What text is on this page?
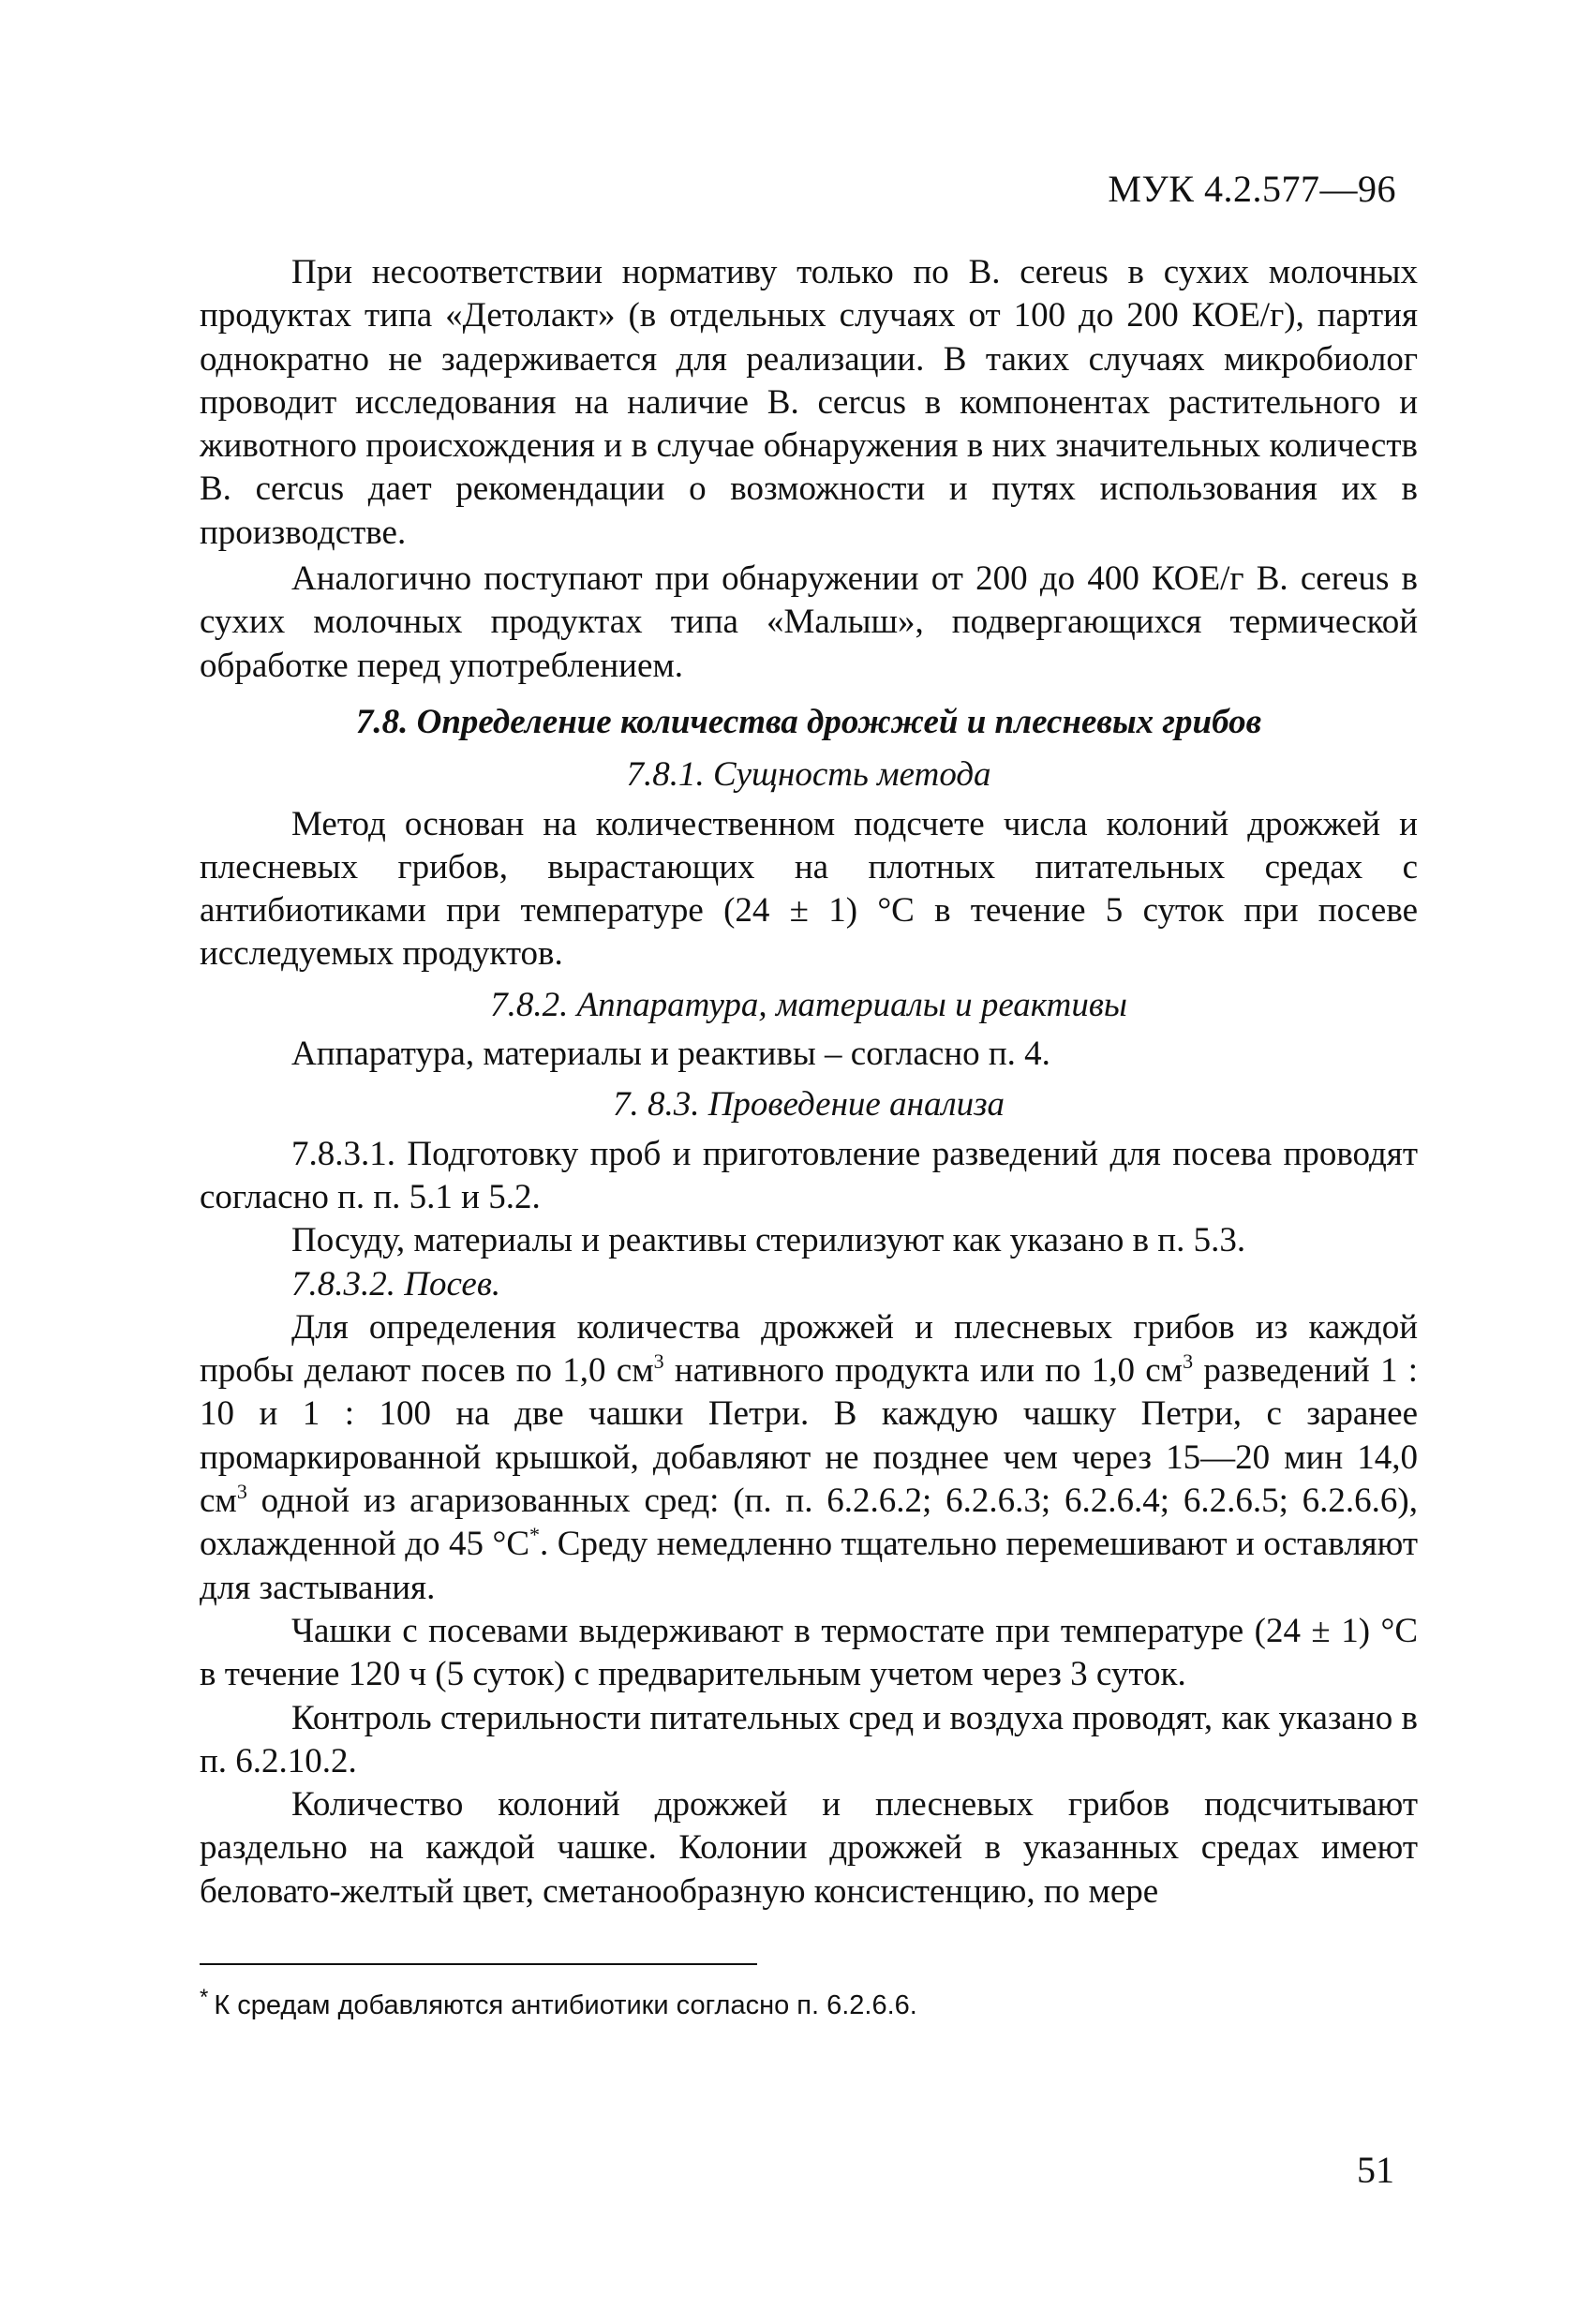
МУК 4.2.577—96

При несоответствии нормативу только по B. cereus в сухих молочных продуктах типа «Детолакт» (в отдельных случаях от 100 до 200 КОЕ/г), партия однократно не задерживается для реализации. В таких случаях микробиолог проводит исследования на наличие B. cercus в компонентах растительного и животного происхождения и в случае обнаружения в них значительных количеств B. cercus дает рекомендации о возможности и путях использования их в производстве.

Аналогично поступают при обнаружении от 200 до 400 КОЕ/г B. cereus в сухих молочных продуктах типа «Малыш», подвергающихся термической обработке перед употреблением.

7.8. Определение количества дрожжей и плесневых грибов
7.8.1. Сущность метода

Метод основан на количественном подсчете числа колоний дрожжей и плесневых грибов, вырастающих на плотных питательных средах с антибиотиками при температуре (24 ± 1) °С в течение 5 суток при посеве исследуемых продуктов.

7.8.2. Аппаратура, материалы и реактивы

Аппаратура, материалы и реактивы – согласно п. 4.

7. 8.3. Проведение анализа

7.8.3.1. Подготовку проб и приготовление разведений для посева проводят согласно п. п. 5.1 и 5.2.

Посуду, материалы и реактивы стерилизуют как указано в п. 5.3.

7.8.3.2. Посев.

Для определения количества дрожжей и плесневых грибов из каждой пробы делают посев по 1,0 $см^3$ нативного продукта или по 1,0 $см^3$ разведений 1 : 10 и 1 : 100 на две чашки Петри. В каждую чашку Петри, с заранее промаркированной крышкой, добавляют не позднее чем через 15—20 мин 14,0 $см^3$ одной из агаризованных сред: (п. п. 6.2.6.2; 6.2.6.3; 6.2.6.4; 6.2.6.5; 6.2.6.6), охлажденной до 45 °С*. Среду немедленно тщательно перемешивают и оставляют для застывания.

Чашки с посевами выдерживают в термостате при температуре (24 ± 1) °С в течение 120 ч (5 суток) с предварительным учетом через 3 суток.

Контроль стерильности питательных сред и воздуха проводят, как указано в п. 6.2.10.2.

Количество колоний дрожжей и плесневых грибов подсчитывают раздельно на каждой чашке. Колонии дрожжей в указанных средах имеют беловато-желтый цвет, сметанообразную консистенцию, по мере

* К средам добавляются антибиотики согласно п. 6.2.6.6.
51
